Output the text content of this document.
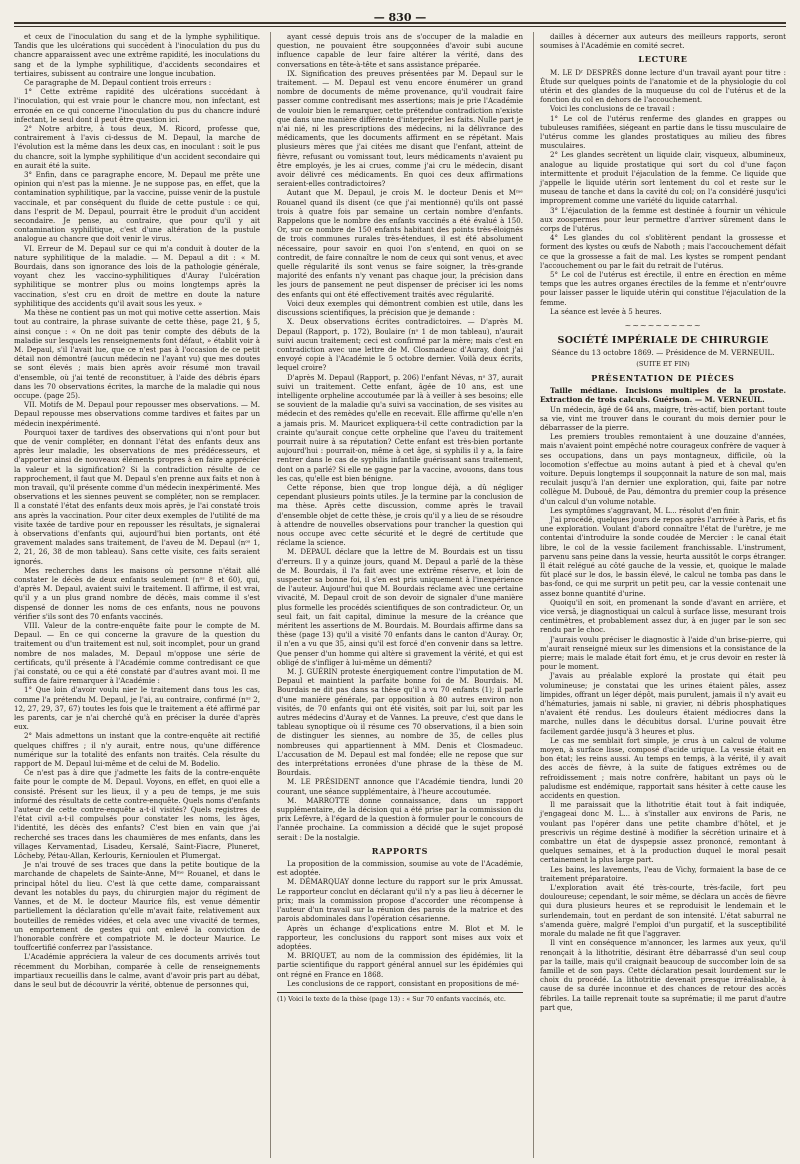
— 830 —

et ceux de l'inoculation du sang et de la lymphe syphilitique. Tandis que les ulcérations qui succèdent à l'inoculation du pus du chancre apparaissent avec une extrême rapidité, les inoculations du sang et de la lymphe syphilitique, d'accidents secondaires et tertiaires, subissent au contraire une longue incubation.

Ce paragraphe de M. Depaul contient trois erreurs :

1° Cette extrême rapidité des ulcérations succédant à l'inoculation, qui est vraie pour le chancre mou, non infectant, est erronée en ce qui concerne l'inoculation du pus du chancre induré infectant, le seul dont il peut être question ici.

2° Notre arbitre, à tous deux, M. Ricord, professe que, contrairement à l'avis ci-dessus de M. Depaul, la marche de l'évolution est la même dans les deux cas, en inoculant : soit le pus du chancre, soit la lymphe syphilitique d'un accident secondaire qui en aurait été la suite.

3° Enfin, dans ce paragraphe encore, M. Depaul me prête une opinion qui n'est pas la mienne. Je ne suppose pas, en effet, que la contamination syphilitique, par la vaccine, puisse venir de la pustule vaccinale, et par conséquent du fluide de cette pustule : ce qui, dans l'esprit de M. Depaul, pourrait être le produit d'un accident secondaire. Je pense, au contraire, que pour qu'il y ait contamination syphilitique, c'est d'une altération de la pustule analogue au chancre que doit venir le virus.

VI. Erreur de M. Depaul sur ce qui m'a conduit à douter de la nature syphilitique de la maladie. — M. Depaul a dit : « M. Bourdais, dans son ignorance des lois de la pathologie générale, voyant chez les vaccino-syphilitiques d'Auray l'ulcération syphilitique se montrer plus ou moins longtemps après la vaccination, s'est cru en droit de mettre en doute la nature syphilitique des accidents qu'il avait sous les yeux. »

Ma thèse ne contient pas un mot qui motive cette assertion. Mais tout au contraire, la phrase suivante de cette thèse, page 21, § 5, ainsi conçue : « On ne doit pas tenir compte des débuts de la maladie sur lesquels les renseignements font défaut, » établit voir à M. Depaul, s'il l'avait lue, que ce n'est pas à l'occasion de ce petit détail non démontré (aucun médecin ne l'ayant vu) que mes doutes se sont élevés ; mais bien après avoir résumé mon travail d'ensemble, où j'ai tenté de reconstituer, à l'aide des débris épars dans les 70 observations écrites, la marche de la maladie qui nous occupe. (page 25).

VII. Motifs de M. Depaul pour repousser mes observations. — M. Depaul repousse mes observations comme tardives et faites par un médecin inexpérimenté.

Pourquoi taxer de tardives des observations qui n'ont pour but que de venir compléter, en donnant l'état des enfants deux ans après leur maladie, les observations de mes prédécesseurs, et d'apporter ainsi de nouveaux éléments propres à en faire apprécier la valeur et la signification? Si la contradiction résulte de ce rapprochement, il faut que M. Depaul s'en prenne aux faits et non à mon travail, qu'il présente comme d'un médecin inexpérimenté. Mes observations et les siennes peuvent se compléter, non se remplacer. Il a constaté l'état des enfants deux mois après, je l'ai constaté trois ans après la vaccination. Pour citer deux exemples de l'utilité de ma visite taxée de tardive pour en repousser les résultats, je signalerai à observations d'enfants qui, aujourd'hui bien portants, ont été gravement malades sans traitement, de l'aveu de M. Depaul (nᵒˢ 1, 2, 21, 26, 38 de mon tableau). Sans cette visite, ces faits seraient ignorés.

Mes recherches dans les maisons où personne n'était allé constater le décès de deux enfants seulement (nᵒˢ 8 et 60), qui, d'après M. Depaul, avaient suivi le traitement. Il affirme, il est vrai, qu'il y a un plus grand nombre de décès, mais comme il s'est dispensé de donner les noms de ces enfants, nous ne pouvons vérifier s'ils sont des 70 enfants vaccinés.

VIII. Valeur de la contre-enquête faite pour le compte de M. Depaul. — En ce qui concerne la gravure de la question du traitement ou d'un traitement est nul, soit incomplet, pour un grand nombre de nos malades, M. Depaul m'oppose une série de certificats, qu'il présente à l'Académie comme contredisant ce que j'ai constaté, ou ce qui a été constaté par d'autres avant moi. Il me suffira de faire remarquer à l'Académie :

1° Que loin d'avoir voulu nier le traitement dans tous les cas, comme l'a prétendu M. Depaul, je l'ai, au contraire, confirmé (nᵒˢ 2, 12, 27, 29, 37, 67) toutes les fois que le traitement a été affirmé par les parents, car je n'ai cherché qu'à en préciser la durée d'après eux.

2° Mais admettons un instant que la contre-enquête ait rectifié quelques chiffres ; il n'y aurait, entre nous, qu'une différence numérique sur la totalité des enfants non traités. Cela résulte du rapport de M. Depaul lui-même et de celui de M. Bodelio.

Ce n'est pas à dire que j'admette les faits de la contre-enquête faite pour le compte de M. Depaul. Voyons, en effet, en quoi elle a consisté. Présent sur les lieux, il y a peu de temps, je me suis informé des résultats de cette contre-enquête. Quels noms d'enfants l'auteur de cette contre-enquête a-t-il visités? Quels registres de l'état civil a-t-il compulsés pour constater les noms, les âges, l'identité, les décès des enfants? C'est bien en vain que j'ai recherché ses traces dans les chaumières de mes enfants, dans les villages Kervamentad, Lisadeu, Kersalé, Saint-Fiacre, Pluneret, Lôcheby, Pétau-Allan, Kerlouris, Kernioulen et Plumergat.

Je n'ai trouvé de ses traces que dans la petite boutique de la marchande de chapelets de Sainte-Anne, Mᵐᵉ Rouanel, et dans le principal hôtel du lieu. C'est là que cette dame, comparaissant devant les notables du pays, du chirurgien major du régiment de Vannes, et de M. le docteur Maurice fils, est venue démentir partiellement la déclaration qu'elle m'avait faite, relativement aux bouteilles de remèdes vidées, et cela avec une vivacité de termes, un emportement de gestes qui ont enlevé la conviction de l'honorable confrère et compatriote M. le docteur Maurice. Le touffcertifié conferrez par l'assistance.

L'Académie appréciera la valeur de ces documents arrivés tout récemment du Morbihan, comparée à celle de renseignements impartiaux recueillis dans le calme, avant d'avoir pris part au débat, dans le seul but de découvrir la vérité, obtenue de personnes qui,

ayant cessé depuis trois ans de s'occuper de la maladie en question, ne pouvaient être soupçonnées d'avoir subi aucune influence capable de leur faire altérer la vérité, dans des conversations en tête-à-tête et sans assistance préparée.

IX. Signification des preuves présentées par M. Depaul sur le traitement. — M. Depaul est venu encore énumérer un grand nombre de documents de même provenance, qu'il voudrait faire passer comme contredisant mes assertions; mais je prie l'Académie de vouloir bien le remarquer, cette prétendue contradiction n'existe que dans une manière différente d'interpréter les faits. Nulle part je n'ai nié, ni les prescriptions des médecins, ni la délivrance des médicaments, que les documents affirment en se répétant. Mais plusieurs mères que j'ai citées me disant que l'enfant, atteint de fièvre, refusant ou vomissant tout, leurs médicaments n'avaient pu être employés, je les ai crues, comme j'ai cru le médecin, disant avoir délivré ces médicaments. En quoi ces deux affirmations seraient-elles contradictoires?

Autant que M. Depaul, je crois M. le docteur Denis et Mᵐᵉ Rouanel quand ils disent (ce que j'ai mentionné) qu'ils ont passé trois à quatre fois par semaine un certain nombre d'enfants. Rappelons que le nombre des enfants vaccinés a été évalué à 150. Or, sur ce nombre de 150 enfants habitant des points très-éloignés de trois communes rurales très-étendues, il est été absolument nécessaire, pour savoir en quoi l'on s'entend, en quoi on se contredit, de faire connaître le nom de ceux qui sont venus, et avec quelle régularité ils sont venus se faire soigner, la très-grande majorité des enfants n'y venant pas chaque jour, la précision dans les jours de pansement ne peut dispenser de préciser ici les noms des enfants qui ont été effectivement traités avec régularité.

Voici deux exemples qui démontrent combien est utile, dans les discussions scientifiques, la précision que je demande :

X. Deux observations écrites contradictoires. — D'après M. Depaul (Rapport, p. 172), Boulaire (nᵒ 1 de mon tableau), n'aurait suivi aucun traitement; ceci est confirmé par la mère; mais c'est en contradiction avec une lettre de M. Closmadeuc d'Auray, dont j'ai envoyé copie à l'Académie le 5 octobre dernier. Voilà deux écrits, lequel croire?

D'après M. Depaul (Rapport, p. 206) l'enfant Névas, nᵒ 37, aurait suivi un traitement. Cette enfant, âgée de 10 ans, est une intelligente orpheline accoutumée par là à veiller à ses besoins; elle se souvient de la maladie qu'a suivi sa vaccination, de ses visites au médecin et des remèdes qu'elle en recevait. Elle affirme qu'elle n'en a jamais pris. M. Mauricet expliquera-t-il cette contradiction par la crainte qu'aurait conçue cette orpheline que l'aveu du traitement pourrait nuire à sa réputation? Cette enfant est très-bien portante aujourd'hui : pourrait-on, même à cet âge, si syphilis il y a, la faire rentrer dans le cas de syphilis infantile guérissant sans traitement, dont on a parlé? Si elle ne gagne par la vaccine, avouons, dans tous les cas, qu'elle est bien bénigne.

Cette réponse, bien que trop longue déjà, a dû négliger cependant plusieurs points utiles. Je la termine par la conclusion de ma thèse. Après cette discussion, comme après le travail d'ensemble objet de cette thèse, je crois qu'il y a lieu de se résoudre à attendre de nouvelles observations pour trancher la question qui nous occupe avec cette sécurité et le degré de certitude que réclame la science.

M. DEPAUL déclare que la lettre de M. Bourdais est un tissu d'erreurs. Il y a quinze jours, quand M. Depaul a parlé de la thèse de M. Bourdais, il l'a fait avec une extrême réserve, et loin de suspecter sa bonne foi, il s'en est pris uniquement à l'inexpérience de l'auteur. Aujourd'hui que M. Bourdais réclame avec une certaine vivacité, M. Depaul croit de son devoir de signaler d'une manière plus formelle les procédés scientifiques de son contradicteur. Or, un seul fait, un fait capital, diminue la mesure de la créance que méritent les assertions de M. Bourdais. M. Bourdais affirme dans sa thèse (page 13) qu'il a visité 70 enfants dans le canton d'Auray. Or, il n'en a vu que 35, ainsi qu'il est forcé d'en convenir dans sa lettre. Que penser d'un homme qui altère si gravement la vérité, et qui est obligé de s'infliger à lui-même un démenti?

M. J. GUÉRIN proteste énergiquement contre l'imputation de M. Depaul et maintient la parfaite bonne foi de M. Bourdais. M. Bourdais ne dit pas dans sa thèse qu'il a vu 70 enfants (1); il parle d'une manière générale, par opposition à 80 autres environ non visités, de 70 enfants qui ont été visités, soit par lui, soit par les autres médecins d'Auray et de Vannes. La preuve, c'est que dans le tableau synoptique où il résume ces 70 observations, il a bien soin de distinguer les siennes, au nombre de 35, de celles plus nombreuses qui appartiennent à MM. Denis et Closmadeuc. L'accusation de M. Depaul est mal fondée; elle ne repose que sur des interprétations erronées d'une phrase de la thèse de M. Bourdais.

M. LE PRÉSIDENT annonce que l'Académie tiendra, lundi 20 courant, une séance supplémentaire, à l'heure accoutumée.

M. MARROTTE donne connaissance, dans un rapport supplémentaire, de la décision qui a été prise par la commission du prix Lefèvre, à l'égard de la question à formuler pour le concours de l'année prochaine. La commission a décidé que le sujet proposé serait : De la nostalgie.

RAPPORTS

La proposition de la commission, soumise au vote de l'Académie, est adoptée.

M. DÉMARQUAY donne lecture du rapport sur le prix Amussat. Le rapporteur conclut en déclarant qu'il n'y a pas lieu à décerner le prix; mais la commission propose d'accorder une récompense à l'auteur d'un travail sur la réunion des parois de la matrice et des parois abdominales dans l'opération césarienne.

Après un échange d'explications entre M. Blot et M. le rapporteur, les conclusions du rapport sont mises aux voix et adoptées.

M. BRIQUET, au nom de la commission des épidémies, lit la partie scientifique du rapport général annuel sur les épidémies qui ont régné en France en 1868.

Les conclusions de ce rapport, consistant en propositions de mé-

(1) Voici le texte de la thèse (page 13) : « Sur 70 enfants vaccinés, etc.

dailles à décerner aux auteurs des meilleurs rapports, seront soumises à l'Académie en comité secret.

LECTURE

M. LE Dʳ DESPRÈS donne lecture d'un travail ayant pour titre : Étude sur quelques points de l'anatomie et de la physiologie du col utérin et des glandes de la muqueuse du col de l'utérus et de la fonction du col en dehors de l'accouchement.

Voici les conclusions de ce travail :

1° Le col de l'utérus renferme des glandes en grappes ou tubuleuses ramifiées, siégeant en partie dans le tissu musculaire de l'utérus comme les glandes prostatiques au milieu des fibres musculaires.

2° Les glandes secrètent un liquide clair, visqueux, albumineux, analogue au liquide prostatique qui sort du col d'une façon intermittente et produit l'éjaculation de la femme. Ce liquide que j'appelle le liquide utérin sort lentement du col et reste sur le museau de tanche et dans la cavité du col; on l'a considéré jusqu'ici improprement comme une variété du liquide catarrhal.

3° L'éjaculation de la femme est destinée à fournir un véhicule aux zoospermes pour leur permettre d'arriver sûrement dans le corps de l'utérus.

4° Les glandes du col s'oblitèrent pendant la grossesse et forment des kystes ou œufs de Naboth ; mais l'accouchement défait ce que la grossesse a fait de mal. Les kystes se rompent pendant l'accouchement ou par le fait du retrait de l'utérus.

5° Le col de l'utérus est érectile, il entre en érection en même temps que les autres organes érectiles de la femme et n'entr'ouvre pour laisser passer le liquide utérin qui constitue l'éjaculation de la femme.

La séance est levée à 5 heures.

~~~~~~~~~~
SOCIÉTÉ IMPÉRIALE DE CHIRURGIE
Séance du 13 octobre 1869. — Présidence de M. VERNEUIL.
(SUITE ET FIN)
PRÉSENTATION DE PIÈCES

Taille médiane. Incisions multiples de la prostate. Extraction de trois calculs. Guérison. — M. VERNEUIL.

Un médecin, âgé de 64 ans, maigre, très-actif, bien portant toute sa vie, vint me trouver dans le courant du mois dernier pour le débarrasser de la pierre.

Les premiers troubles remontaient à une douzaine d'années, mais n'avaient point empêché notre courageux confrère de vaquer à ses occupations, dans un pays montagneux, difficile, où la locomotion s'effectue au moins autant à pied et à cheval qu'en voiture. Depuis longtemps il soupçonnait la nature de son mal, mais reculait jusqu'à l'an dernier une exploration, qui, faite par notre collègue M. Dubouë, de Pau, démontra du premier coup la présence d'un calcul d'un volume notable.

Les symptômes s'aggravant, M. L... résolut d'en finir.

J'ai procédé, quelques jours de repos après l'arrivée à Paris, et fis une exploration. Voulant d'abord connaître l'état de l'urètre, je me contentai d'introduire la sonde coudée de Mercier : le canal était libre, le col de la vessie facilement franchissable. L'instrument, parvenu sans peine dans la vessie, heurta aussitôt le corps étranger. Il était relégué au côté gauche de la vessie, et, quoique le malade fût placé sur le dos, le bassin élevé, le calcul ne tomba pas dans le bas-fond, ce qui me surprit un petit peu, car la vessie contenait une assez bonne quantité d'urine.

Quoiqu'il en soit, en promenant la sonde d'avant en arrière, et vice versâ, je diagnostiquai un calcul à surface lisse, mesurant trois centimètres, et probablement assez dur, à en juger par le son sec rendu par le choc.

J'aurais voulu préciser le diagnostic à l'aide d'un brise-pierre, qui m'aurait renseigné mieux sur les dimensions et la consistance de la pierre; mais le malade était fort ému, et je crus devoir en rester là pour le moment.

J'avais au préalable exploré la prostate qui était peu volumineuse; je constatai que les urines étaient pâles, assez limpides, offrant un léger dépôt, mais purulent, jamais il n'y avait eu d'hématuries, jamais ni sable, ni gravier, ni débris phosphatiques n'avaient été rendus. Les douleurs étaient médiocres dans la marche, nulles dans le décubitus dorsal. L'urine pouvait être facilement gardée jusqu'à 3 heures et plus.

Le cas me semblait fort simple, je crus à un calcul de volume moyen, à surface lisse, composé d'acide urique. La vessie était en bon état; les reins aussi. Au temps en temps, à la vérité, il y avait des accès de fièvre, à la suite de fatigues extrêmes ou de refroidissement ; mais notre confrère, habitant un pays où le paludisme est endémique, rapportait sans hésiter à cette cause les accidents en question.

Il me paraissait que la lithotritie était tout à fait indiquée, j'engageai donc M. L... à s'installer aux environs de Paris, ne voulant pas l'opérer dans une petite chambre d'hôtel, et je prescrivis un régime destiné à modifier la sécrétion urinaire et à combattre un état de dyspepsie assez prononcé, remontant à quelques semaines, et à la production duquel le moral pesait certainement la plus large part.

Les bains, les lavements, l'eau de Vichy, formaient la base de ce traitement préparatoire.

L'exploration avait été très-courte, très-facile, fort peu douloureuse; cependant, le soir même, se déclara un accès de fièvre qui dura plusieurs heures et se reproduisit le lendemain et le surlendemain, tout en perdant de son intensité. L'état saburral ne s'amenda guère, malgré l'emploi d'un purgatif, et la susceptibilité morale du malade ne fit que l'aggraver.

Il vint en conséquence m'annoncer, les larmes aux yeux, qu'il renonçait à la lithotritie, désirant être débarrassé d'un seul coup par la taille, mais qu'il craignait beaucoup de succomber loin de sa famille et de son pays. Cette déclaration pesait lourdement sur le choix du procédé. La lithotritie devenait presque irréalisable, à cause de sa durée inconnue et des chances de retour des accès fébriles. La taille reprenait toute sa suprématie; il me parut d'autre part que,
